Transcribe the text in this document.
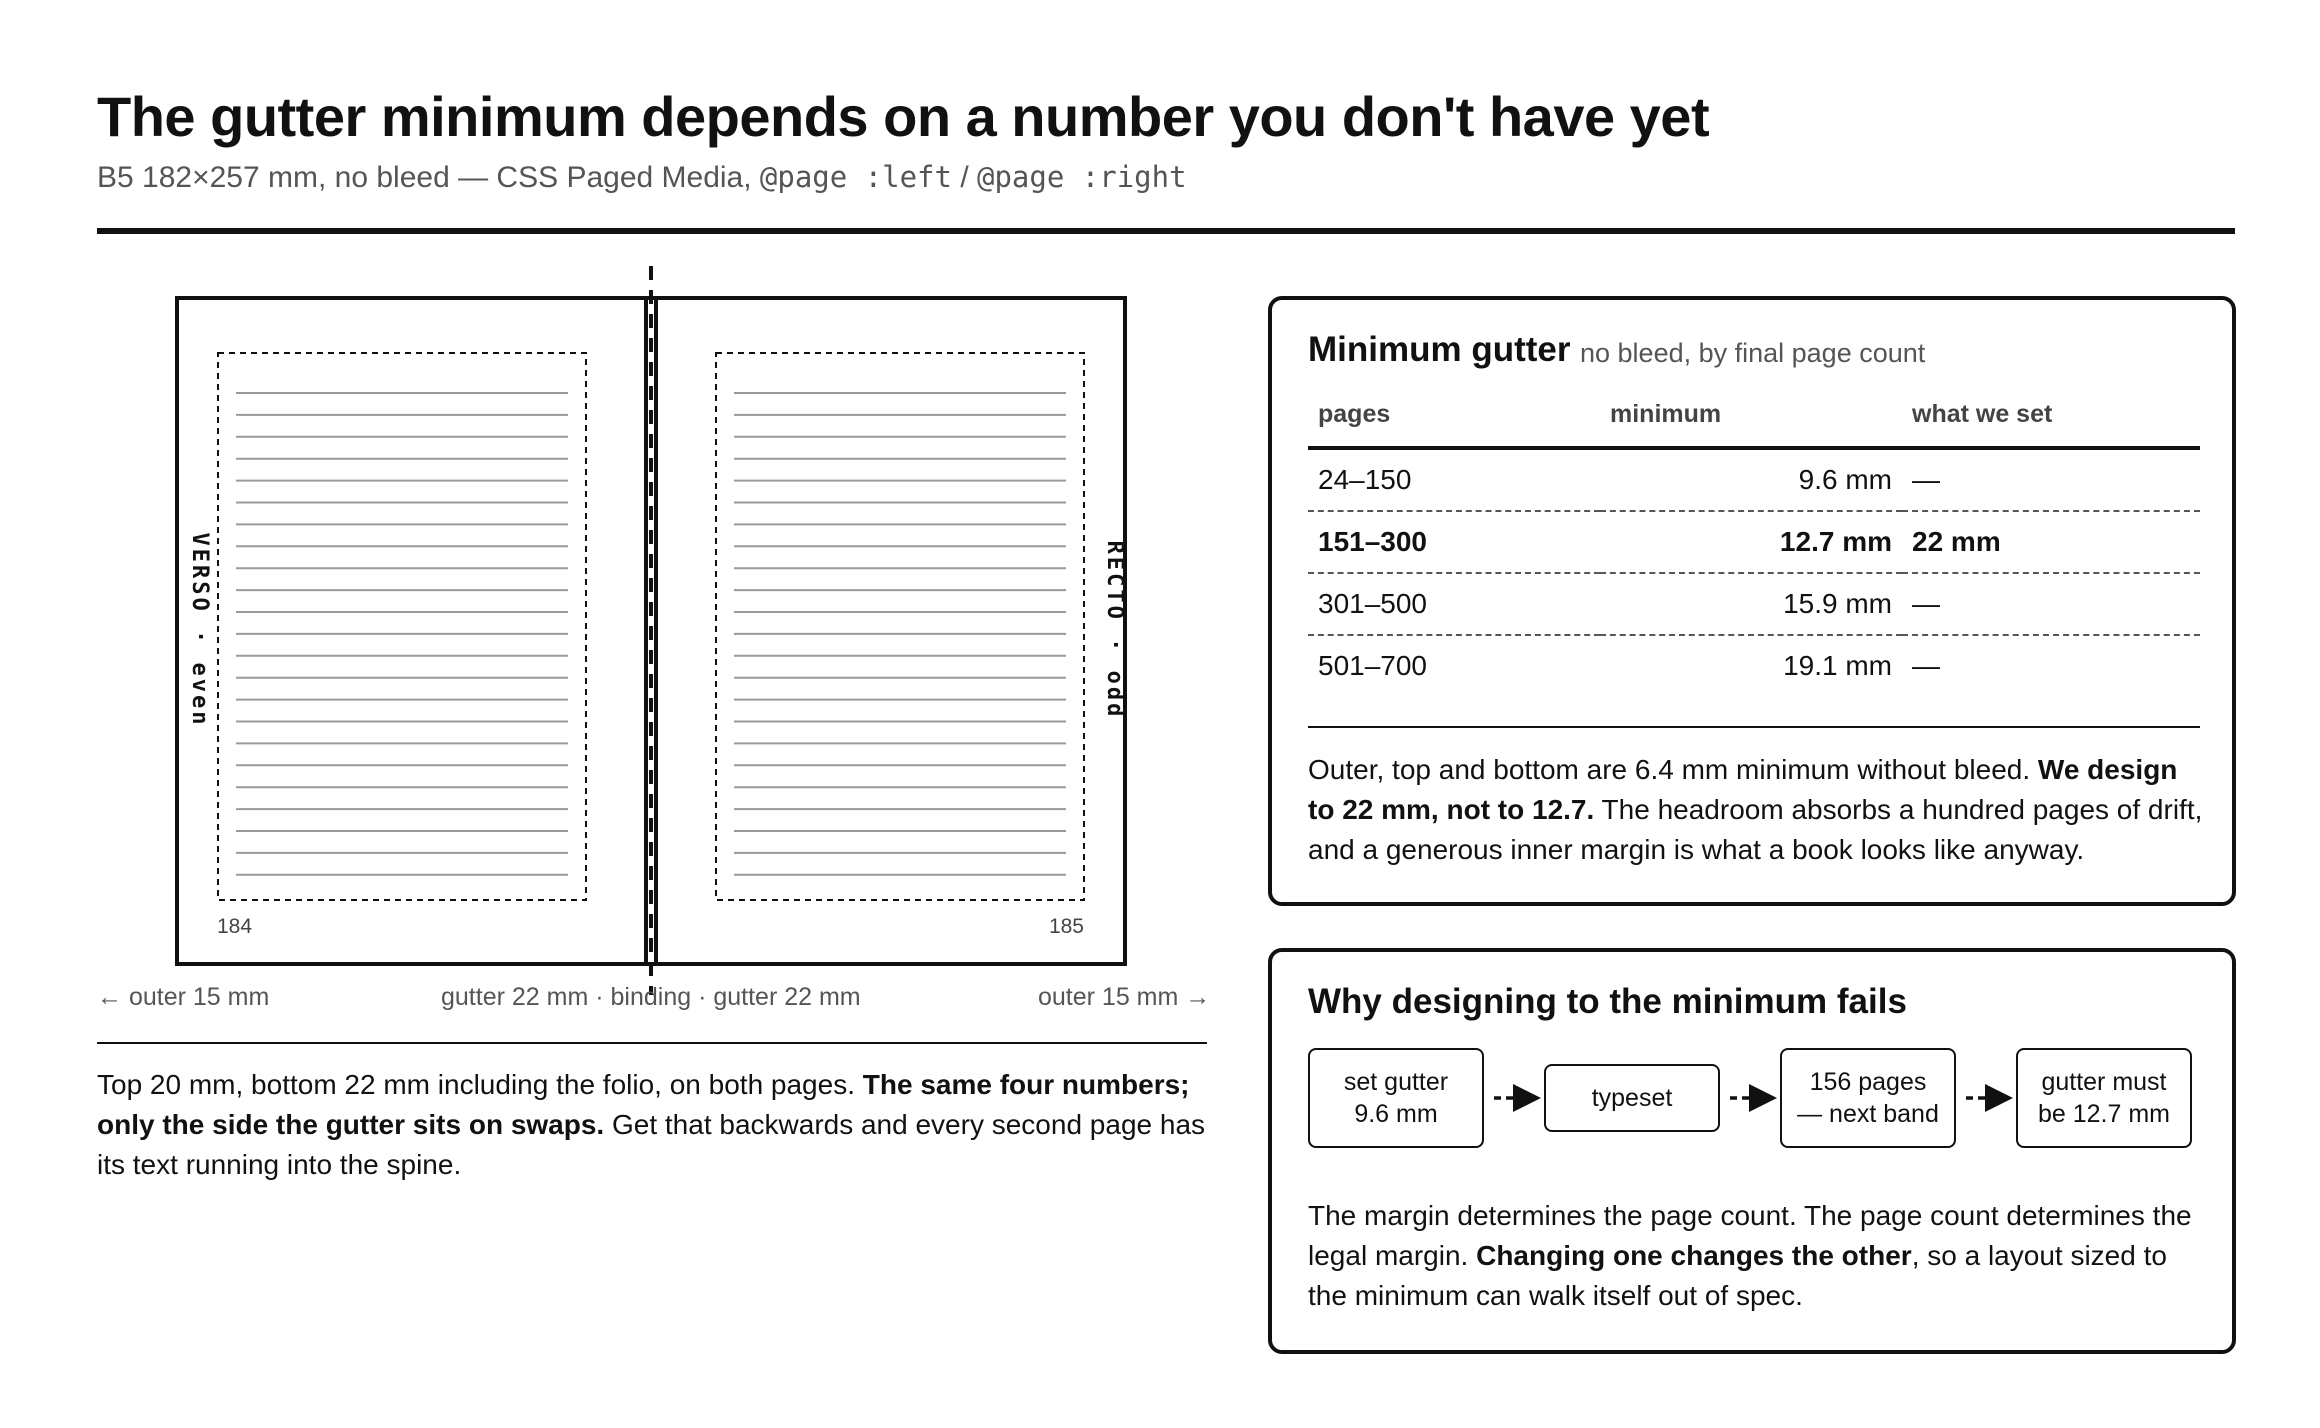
The gutter minimum depends on a number you don't have yet
B5 182×257 mm, no bleed — CSS Paged Media, @page :left / @page :right
VERSO · even	RECTO · odd
184	185
← outer 15 mm	gutter 22 mm · binding · gutter 22 mm	outer 15 mm →
Top 20 mm, bottom 22 mm including the folio, on both pages. The same four numbers; only the side the gutter sits on swaps. Get that backwards and every second page has its text running into the spine.
Minimum gutter no bleed, by final page count
pages	minimum	what we set
24–150	9.6 mm	—
151–300	12.7 mm	22 mm
301–500	15.9 mm	—
501–700	19.1 mm	—
Outer, top and bottom are 6.4 mm minimum without bleed. We design to 22 mm, not to 12.7. The headroom absorbs a hundred pages of drift, and a generous inner margin is what a book looks like anyway.
Why designing to the minimum fails
set gutter
9.6 mm
typeset
156 pages
— next band
gutter must
be 12.7 mm
The margin determines the page count. The page count determines the legal margin. Changing one changes the other, so a layout sized to the minimum can walk itself out of spec.
